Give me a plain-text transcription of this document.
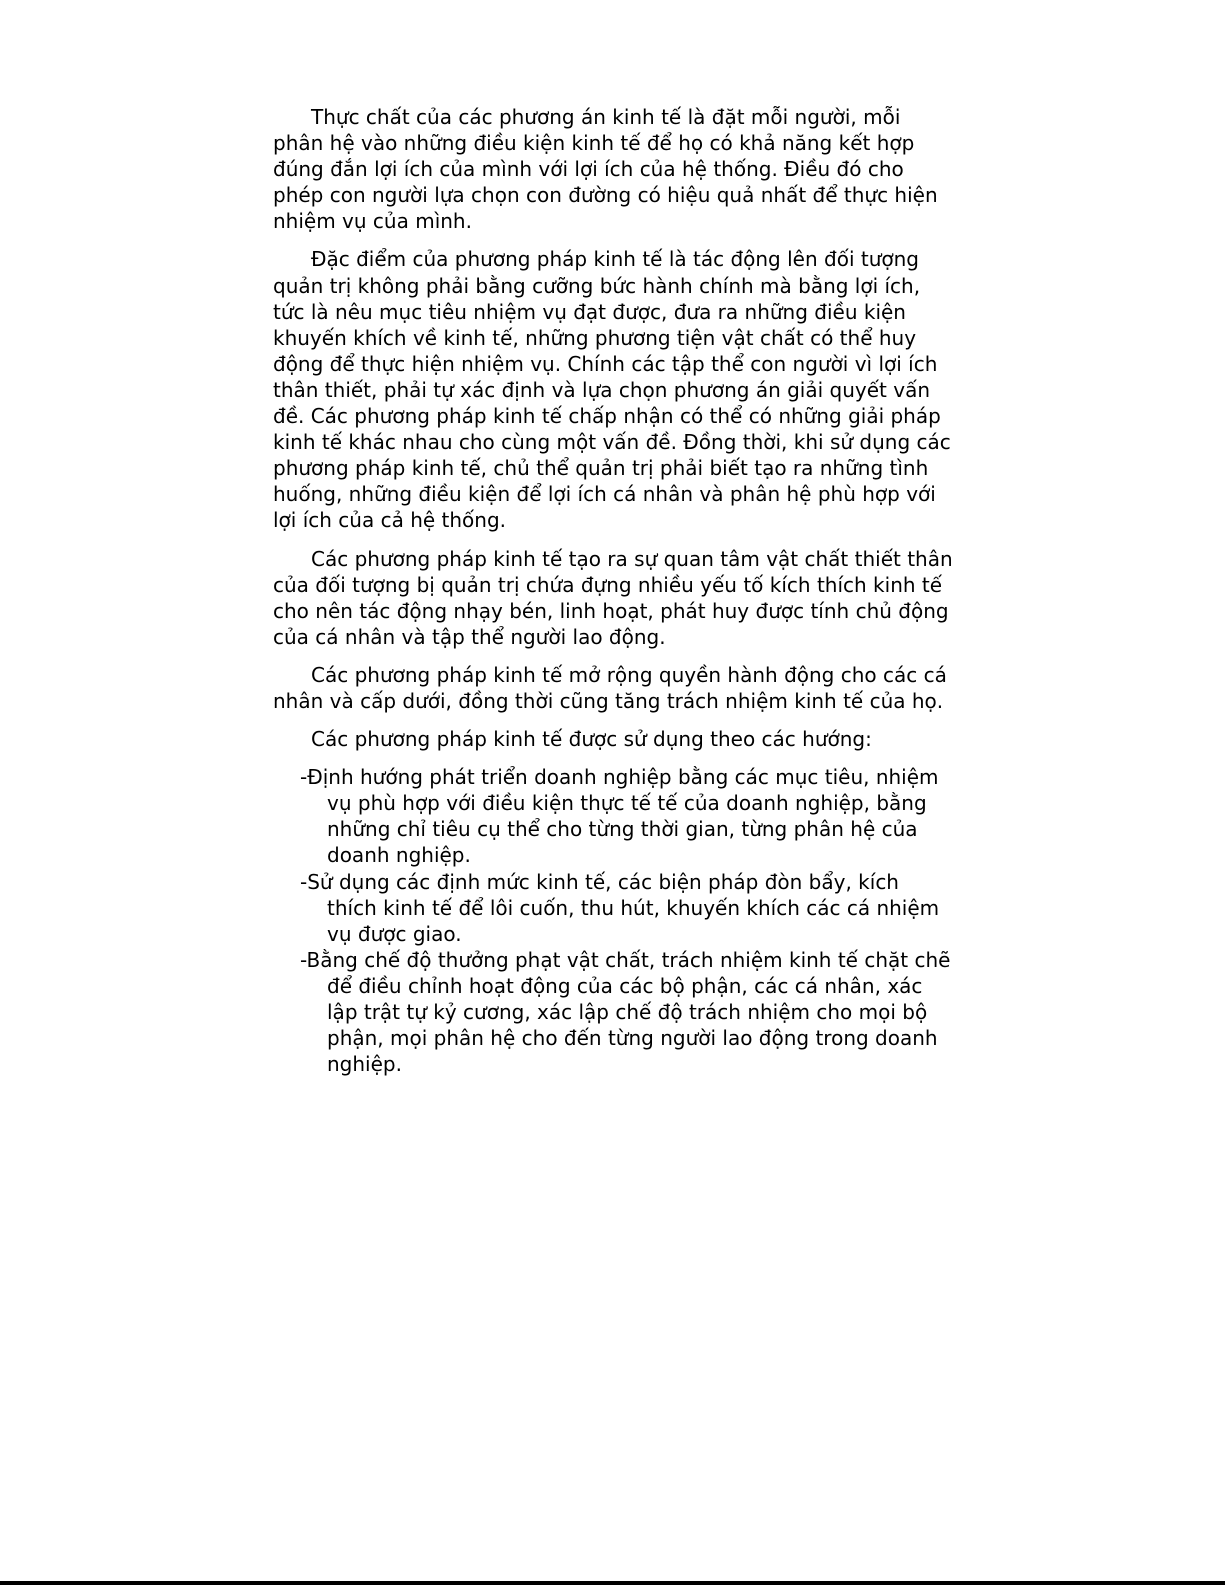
Thực chất của các phương án kinh tế là đặt mỗi người, mỗi phân hệ vào những điều kiện kinh tế để họ có khả năng kết hợp đúng đắn lợi ích của mình với lợi ích của hệ thống. Điều đó cho phép con người lựa chọn con đường có hiệu quả nhất để thực hiện nhiệm vụ của mình.

Đặc điểm của phương pháp kinh tế là tác động lên đối tượng quản trị không phải bằng cưỡng bức hành chính mà bằng lợi ích, tức là nêu mục tiêu nhiệm vụ đạt được, đưa ra những điều kiện khuyến khích về kinh tế, những phương tiện vật chất có thể huy động để thực hiện nhiệm vụ. Chính các tập thể con người vì lợi ích thân thiết, phải tự xác định và lựa chọn phương án giải quyết vấn đề. Các phương pháp kinh tế chấp nhận có thể có những giải pháp kinh tế khác nhau cho cùng một vấn đề. Đồng thời, khi sử dụng các phương pháp kinh tế, chủ thể quản trị phải biết tạo ra những tình huống, những điều kiện để lợi ích cá nhân và phân hệ phù hợp với lợi ích của cả hệ thống.

Các phương pháp kinh tế tạo ra sự quan tâm vật chất thiết thân của đối tượng bị quản trị chứa đựng nhiều yếu tố kích thích kinh tế cho nên tác động nhạy bén, linh hoạt, phát huy được tính chủ động của cá nhân và tập thể người lao động.

Các phương pháp kinh tế mở rộng quyền hành động cho các cá nhân và cấp dưới, đồng thời cũng tăng trách nhiệm kinh tế của họ.

Các phương pháp kinh tế được sử dụng theo các hướng:

-Định hướng phát triển doanh nghiệp bằng các mục tiêu, nhiệm vụ phù hợp với điều kiện thực tế tế của doanh nghiệp, bằng những chỉ tiêu cụ thể cho từng thời gian, từng phân hệ của doanh nghiệp.
-Sử dụng các định mức kinh tế, các biện pháp đòn bẩy, kích thích kinh tế để lôi cuốn, thu hút, khuyến khích các cá nhiệm vụ được giao.
-Bằng chế độ thưởng phạt vật chất, trách nhiệm kinh tế chặt chẽ để điều chỉnh hoạt động của các bộ phận, các cá nhân, xác lập trật tự kỷ cương, xác lập chế độ trách nhiệm cho mọi bộ phận, mọi phân hệ cho đến từng người lao động trong doanh nghiệp.
